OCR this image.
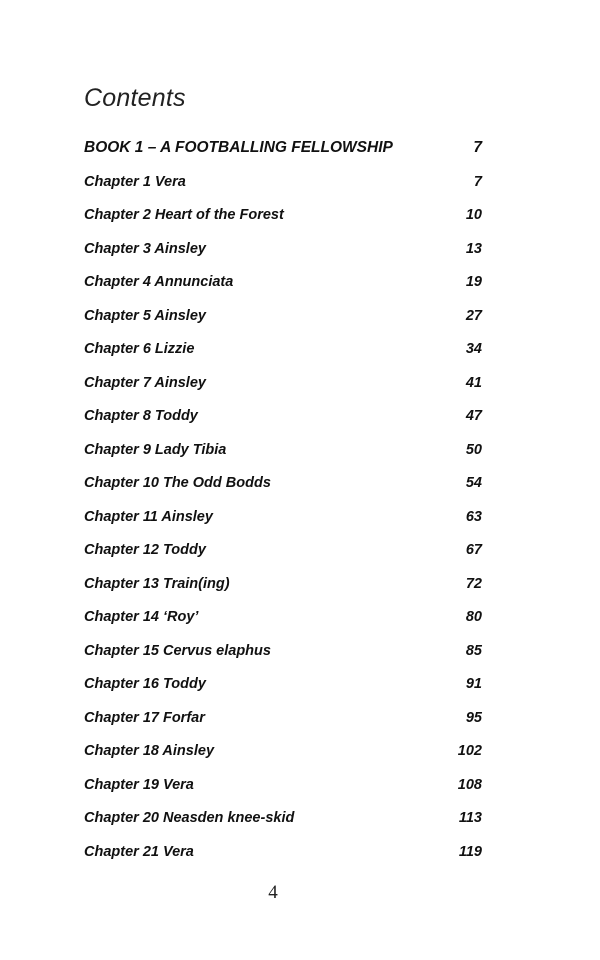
Contents
BOOK 1 – A FOOTBALLING FELLOWSHIP	7
Chapter 1 Vera	7
Chapter 2 Heart of the Forest	10
Chapter 3 Ainsley	13
Chapter 4 Annunciata	19
Chapter 5 Ainsley	27
Chapter 6 Lizzie	34
Chapter 7 Ainsley	41
Chapter 8 Toddy	47
Chapter 9 Lady Tibia	50
Chapter 10 The Odd Bodds	54
Chapter 11 Ainsley	63
Chapter 12 Toddy	67
Chapter 13 Train(ing)	72
Chapter 14 ‘Roy’	80
Chapter 15 Cervus elaphus	85
Chapter 16 Toddy	91
Chapter 17 Forfar	95
Chapter 18 Ainsley	102
Chapter 19 Vera	108
Chapter 20 Neasden knee-skid	113
Chapter 21 Vera	119
4
